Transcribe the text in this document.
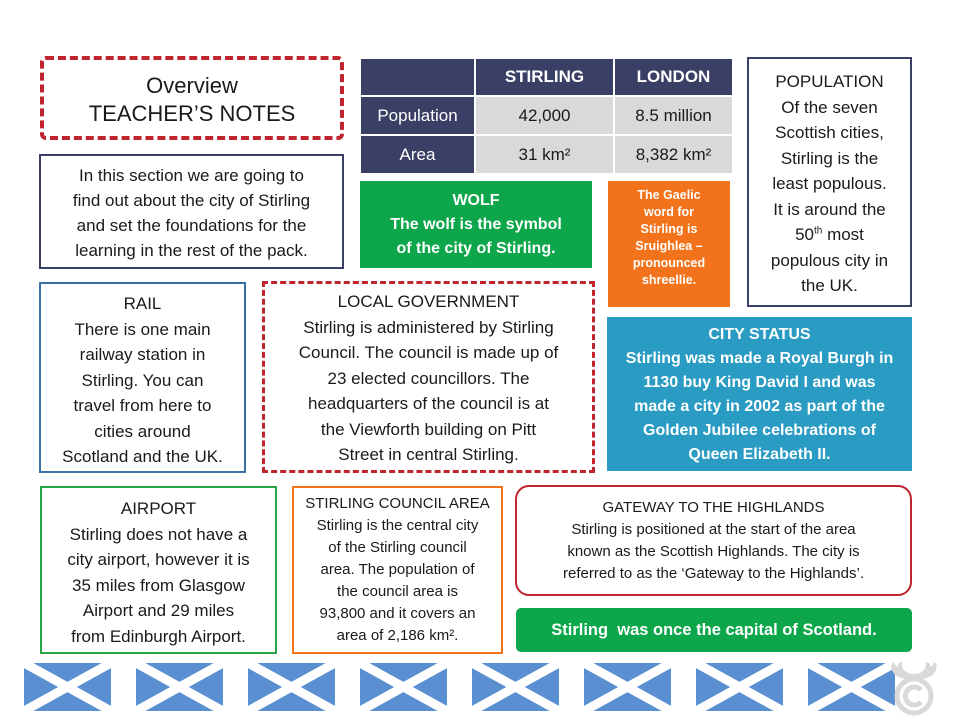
Overview
TEACHER’S NOTES
	STIRLING	LONDON
Population	42,000	8.5 million
Area	31 km²	8,382 km²
In this section we are going to
find out about the city of Stirling
and set the foundations for the
learning in the rest of the pack.
WOLF
The wolf is the symbol
of the city of Stirling.
The Gaelic
word for
Stirling is
Sruighlea –
pronounced
shreellie.
POPULATION
Of the seven
Scottish cities,
Stirling is the
least populous.
It is around the
50th most
populous city in
the UK.
RAIL
There is one main
railway station in
Stirling. You can
travel from here to
cities around
Scotland and the UK.
LOCAL GOVERNMENT
Stirling is administered by Stirling
Council. The council is made up of
23 elected councillors. The
headquarters of the council is at
the Viewforth building on Pitt
Street in central Stirling.
CITY STATUS
Stirling was made a Royal Burgh in
1130 buy King David I and was
made a city in 2002 as part of the
Golden Jubilee celebrations of
Queen Elizabeth II.
AIRPORT
Stirling does not have a
city airport, however it is
35 miles from Glasgow
Airport and 29 miles
from Edinburgh Airport.
STIRLING COUNCIL AREA
Stirling is the central city
of the Stirling council
area. The population of
the council area is
93,800 and it covers an
area of 2,186 km².
GATEWAY TO THE HIGHLANDS
Stirling is positioned at the start of the area
known as the Scottish Highlands. The city is
referred to as the ‘Gateway to the Highlands’.
Stirling  was once the capital of Scotland.
